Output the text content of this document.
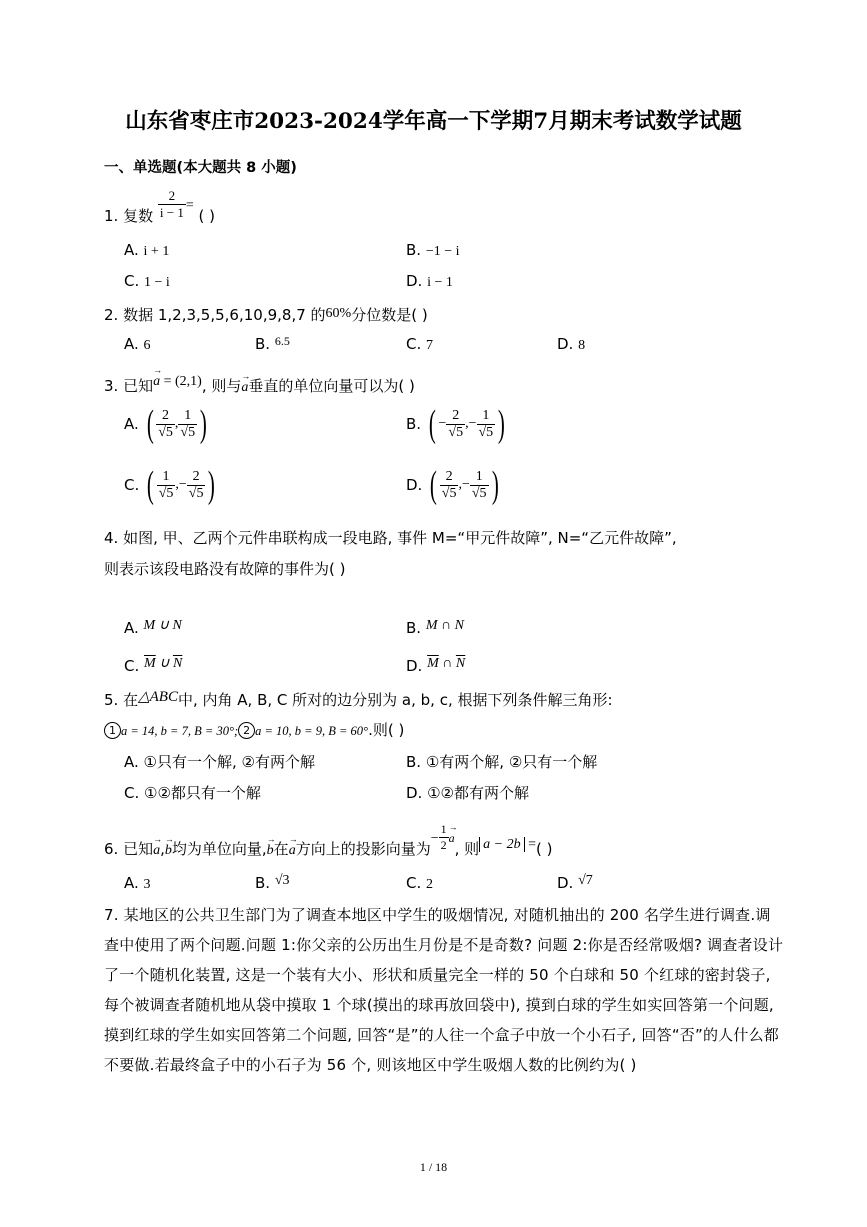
山东省枣庄市2023-2024学年高一下学期7月期末考试数学试题
一、单选题(本大题共 8 小题)
1. 复数 $\frac{2}{i - 1}$ = ( )
A. i + 1	B. −1 − i
C. 1 − i	D. i − 1
2. 数据 1,2,3,5,5,6,10,9,8,7 的60%分位数是( )
A. 6	B. $^{6.5}$	C. 7	D. 8
3. 已知→ a = (2,1), 则与→ a垂直的单位向量可以为( )
A. ( $\frac{2}{√5}$ , $\frac{1}{√5}$ )	B. ( − $\frac{2}{√5}$ ,− $\frac{1}{√5}$ )
C. ( $\frac{1}{√5}$ ,− $\frac{2}{√5}$ )	D. ( $\frac{2}{√5}$ ,− $\frac{1}{√5}$ )
4. 如图, 甲、乙两个元件串联构成一段电路, 事件 M=“甲元件故障”, N=“乙元件故障”,
则表示该段电路没有故障的事件为( )
A. M ∪ N	B. M ∩ N
C. $\overline{M}$ ∪ $\overline{N}$	D. $\overline{M}$ ∩ $\overline{N}$
5. 在△ABC中, 内角 A, B, C 所对的边分别为 a, b, c, 根据下列条件解三角形:
1 a = 14, b = 7, B = 30°; 2 a = 10, b = 9, B = 60°.则( )
A. ①只有一个解, ②有两个解	B. ①有两个解, ②只有一个解
C. ①②都只有一个解	D. ①②都有两个解
6. 已知→ a,→ b均为单位向量,→ b在→ a方向上的投影向量为− $\frac{1}{2} \to a$, 则 a − 2b =( )
A. 3	B. √3	C. 2	D. √7
7. 某地区的公共卫生部门为了调查本地区中学生的吸烟情况, 对随机抽出的 200 名学生进行调查.调查中使用了两个问题.问题 1:你父亲的公历出生月份是不是奇数? 问题 2:你是否经常吸烟? 调查者设计了一个随机化装置, 这是一个装有大小、形状和质量完全一样的 50 个白球和 50 个红球的密封袋子, 每个被调查者随机地从袋中摸取 1 个球(摸出的球再放回袋中), 摸到白球的学生如实回答第一个问题, 摸到红球的学生如实回答第二个问题, 回答“是”的人往一个盒子中放一个小石子, 回答“否”的人什么都不要做.若最终盒子中的小石子为 56 个, 则该地区中学生吸烟人数的比例约为( )
1 / 18
